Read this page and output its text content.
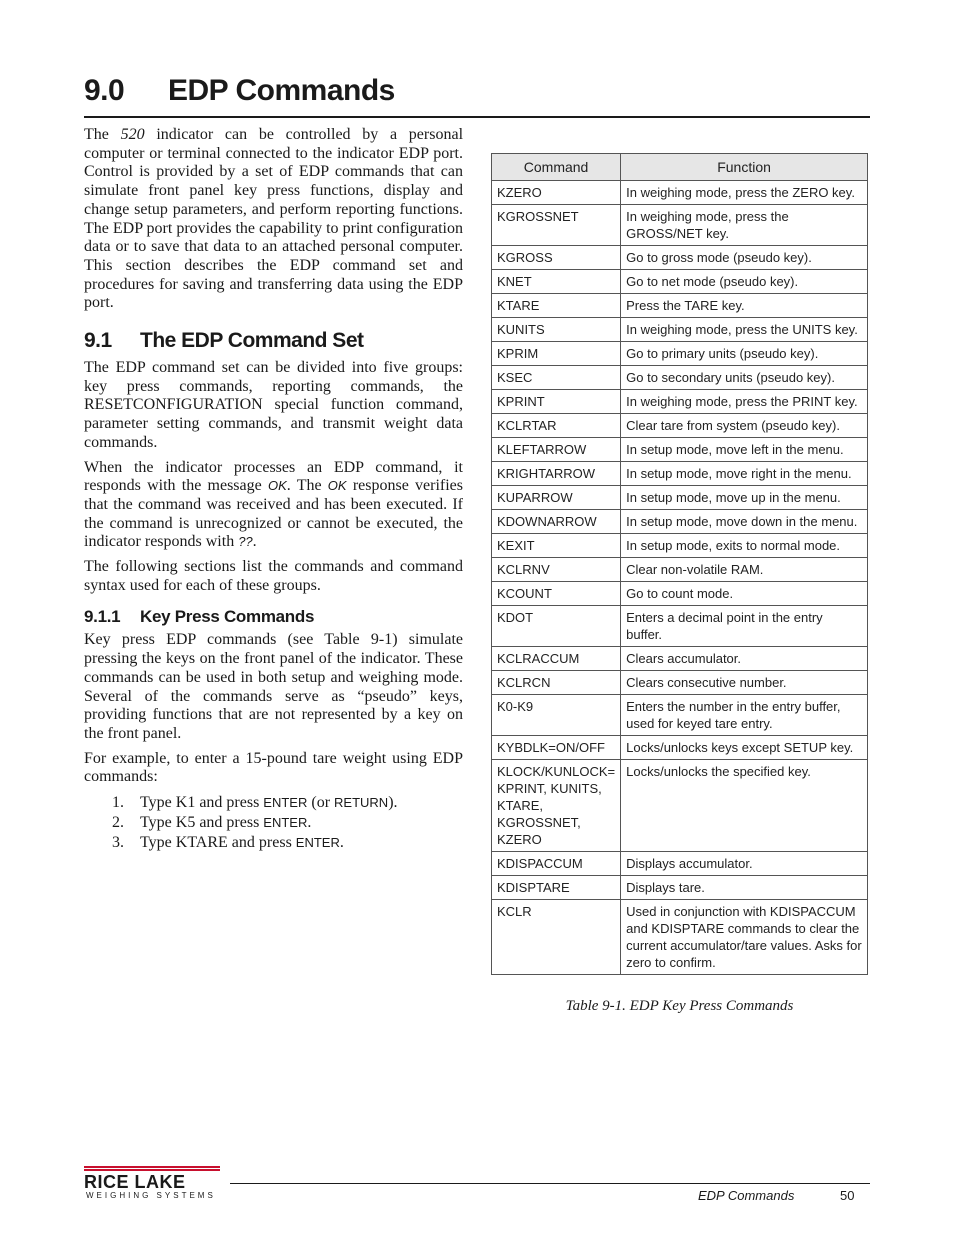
9.0 EDP Commands

The 520 indicator can be controlled by a personal computer or terminal connected to the indicator EDP port. Control is provided by a set of EDP commands that can simulate front panel key press functions, display and change setup parameters, and perform reporting functions. The EDP port provides the capability to print configuration data or to save that data to an attached personal computer. This section describes the EDP command set and procedures for saving and transferring data using the EDP port.

9.1 The EDP Command Set

The EDP command set can be divided into five groups: key press commands, reporting commands, the RESETCONFIGURATION special function command, parameter setting commands, and transmit weight data commands.

When the indicator processes an EDP command, it responds with the message OK. The OK response verifies that the command was received and has been executed. If the command is unrecognized or cannot be executed, the indicator responds with ??.

The following sections list the commands and command syntax used for each of these groups.

9.1.1 Key Press Commands

Key press EDP commands (see Table 9-1) simulate pressing the keys on the front panel of the indicator. These commands can be used in both setup and weighing mode. Several of the commands serve as “pseudo” keys, providing functions that are not represented by a key on the front panel.

For example, to enter a 15-pound tare weight using EDP commands:

1. Type K1 and press ENTER (or RETURN).
2. Type K5 and press ENTER.
3. Type KTARE and press ENTER.
Command	Function
KZERO	In weighing mode, press the ZERO key.
KGROSSNET	In weighing mode, press the GROSS/NET key.
KGROSS	Go to gross mode (pseudo key).
KNET	Go to net mode (pseudo key).
KTARE	Press the TARE key.
KUNITS	In weighing mode, press the UNITS key.
KPRIM	Go to primary units (pseudo key).
KSEC	Go to secondary units (pseudo key).
KPRINT	In weighing mode, press the PRINT key.
KCLRTAR	Clear tare from system (pseudo key).
KLEFTARROW	In setup mode, move left in the menu.
KRIGHTARROW	In setup mode, move right in the menu.
KUPARROW	In setup mode, move up in the menu.
KDOWNARROW	In setup mode, move down in the menu.
KEXIT	In setup mode, exits to normal mode.
KCLRNV	Clear non-volatile RAM.
KCOUNT	Go to count mode.
KDOT	Enters a decimal point in the entry buffer.
KCLRACCUM	Clears accumulator.
KCLRCN	Clears consecutive number.
K0-K9	Enters the number in the entry buffer, used for keyed tare entry.
KYBDLK=ON/OFF	Locks/unlocks keys except SETUP key.
KLOCK/KUNLOCK= KPRINT, KUNITS, KTARE, KGROSSNET, KZERO	Locks/unlocks the specified key.
KDISPACCUM	Displays accumulator.
KDISPTARE	Displays tare.
KCLR	Used in conjunction with KDISPACCUM and KDISPTARE commands to clear the current accumulator/tare values. Asks for zero to confirm.
Table 9-1. EDP Key Press Commands
RICE LAKE
WEIGHING SYSTEMS	EDP Commands	50
